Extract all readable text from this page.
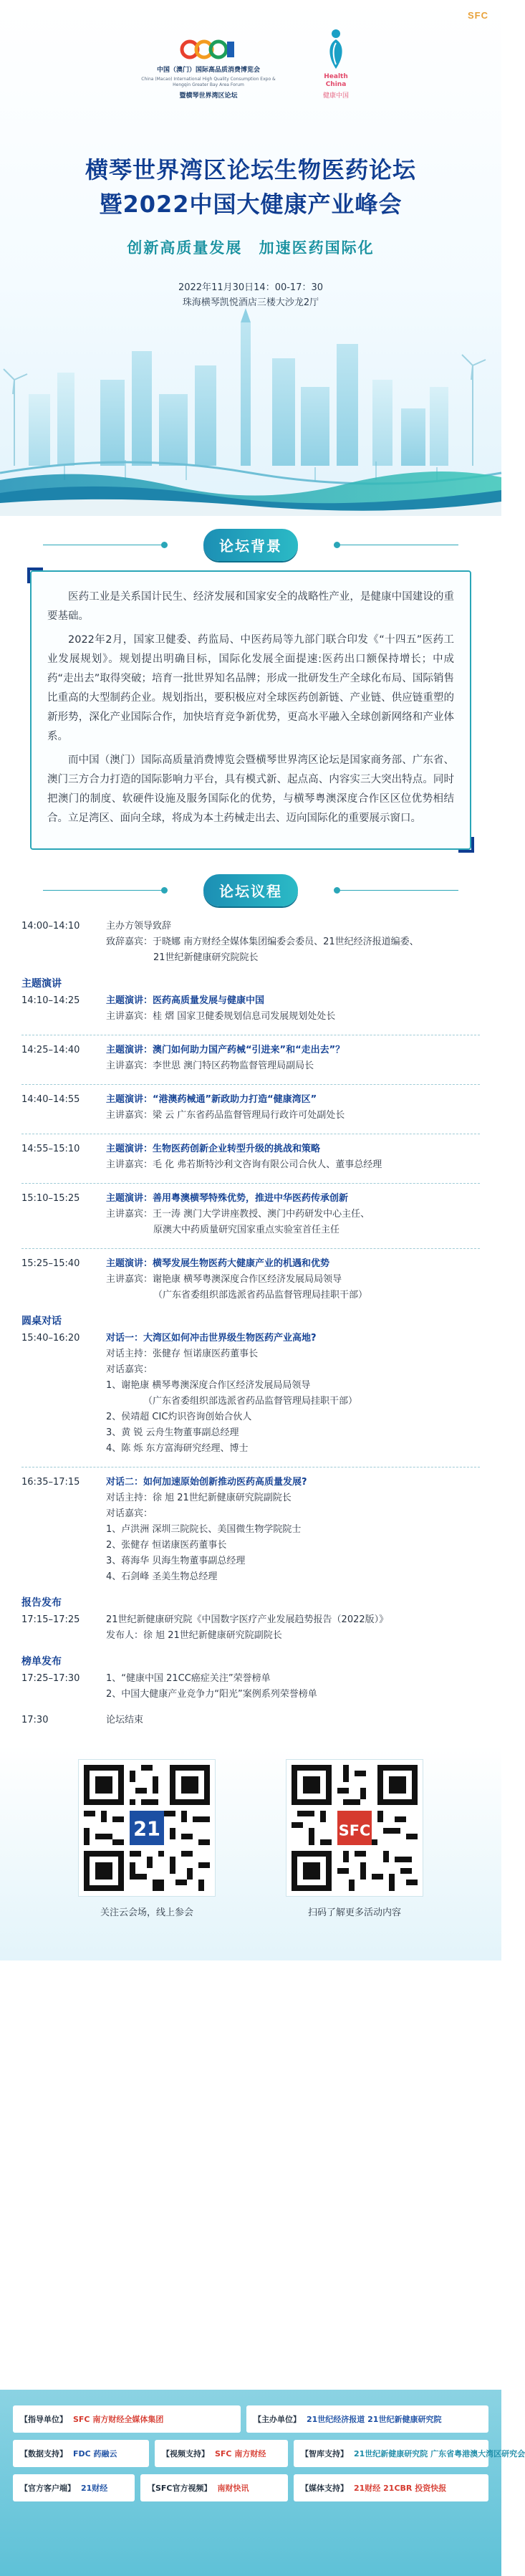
SFC
中国（澳门）国际高品质消费博览会
China (Macao) International High Quality Consumption Expo & Hengqin Greater Bay Area Forum
暨横琴世界湾区论坛
Health
China
健康中国
横琴世界湾区论坛生物医药论坛
暨2022中国大健康产业峰会
创新高质量发展 加速医药国际化
2022年11月30日14：00-17：30
珠海横琴凯悦酒店三楼大沙龙2厅
论坛背景

医药工业是关系国计民生、经济发展和国家安全的战略性产业，是健康中国建设的重要基础。

2022年2月，国家卫健委、药监局、中医药局等九部门联合印发《“十四五”医药工业发展规划》。规划提出明确目标，国际化发展全面提速:医药出口额保持增长；中成药“走出去”取得突破；培育一批世界知名品牌；形成一批研发生产全球化布局、国际销售比重高的大型制药企业。规划指出，要积极应对全球医药创新链、产业链、供应链重塑的新形势，深化产业国际合作，加快培育竞争新优势，更高水平融入全球创新网络和产业体系。

而中国（澳门）国际高质量消费博览会暨横琴世界湾区论坛是国家商务部、广东省、澳门三方合力打造的国际影响力平台，具有模式新、起点高、内容实三大突出特点。同时把澳门的制度、软硬件设施及服务国际化的优势，与横琴粤澳深度合作区区位优势相结合。立足湾区、面向全球，将成为本土药械走出去、迈向国际化的重要展示窗口。

论坛议程
14:00–14:10	主办方领导致辞
致辞嘉宾：于晓娜 南方财经全媒体集团编委会委员、21世纪经济报道编委、
21世纪新健康研究院院长
主题演讲
14:10–14:25	主题演讲：医药高质量发展与健康中国
主讲嘉宾：桂 熠 国家卫健委规划信息司发展规划处处长
14:25–14:40	主题演讲：澳门如何助力国产药械“引进来”和“走出去”？
主讲嘉宾：李世思 澳门特区药物监督管理局副局长
14:40–14:55	主题演讲：“港澳药械通”新政助力打造“健康湾区”
主讲嘉宾：梁 云 广东省药品监督管理局行政许可处副处长
14:55–15:10	主题演讲：生物医药创新企业转型升级的挑战和策略
主讲嘉宾：毛 化 弗若斯特沙利文咨询有限公司合伙人、董事总经理
15:10–15:25	主题演讲：善用粤澳横琴特殊优势，推进中华医药传承创新
主讲嘉宾：王一涛 澳门大学讲座教授、澳门中药研发中心主任、
原澳大中药质量研究国家重点实验室首任主任
15:25–15:40	主题演讲：横琴发展生物医药大健康产业的机遇和优势
主讲嘉宾：谢艳康 横琴粤澳深度合作区经济发展局局领导
（广东省委组织部选派省药品监督管理局挂职干部）
圆桌对话
15:40–16:20	对话一：大湾区如何冲击世界级生物医药产业高地?
对话主持：张健存 恒诺康医药董事长
对话嘉宾：
1、谢艳康 横琴粤澳深度合作区经济发展局局领导
（广东省委组织部选派省药品监督管理局挂职干部）
2、侯靖超 CIC灼识咨询创始合伙人
3、黄 锐 云舟生物董事副总经理
4、陈 烁 东方富海研究经理、博士
16:35–17:15	对话二：如何加速原始创新推动医药高质量发展?
对话主持：徐 旭 21世纪新健康研究院副院长
对话嘉宾：
1、卢洪洲 深圳三院院长、美国微生物学院院士
2、张健存 恒诺康医药董事长
3、蒋海华 贝海生物董事副总经理
4、石剑峰 圣美生物总经理
报告发布
17:15–17:25	21世纪新健康研究院《中国数字医疗产业发展趋势报告（2022版）》
发布人：徐 旭 21世纪新健康研究院副院长
榜单发布
17:25–17:30	1、“健康中国 21CC癌症关注”荣誉榜单
2、中国大健康产业竞争力“阳光”案例系列荣誉榜单
17:30	论坛结束
21
关注云会场，线上参会
SFC
扫码了解更多活动内容
【指导单位】 SFC 南方财经全媒体集团	【主办单位】 21世纪经济报道 21世纪新健康研究院
【数据支持】 FDC 药融云	【视频支持】 SFC 南方财经	【智库支持】 21世纪新健康研究院 广东省粤港澳大湾区研究会
【官方客户端】 21财经	【SFC官方视频】 南财快讯	【媒体支持】 21财经 21CBR 投资快报
